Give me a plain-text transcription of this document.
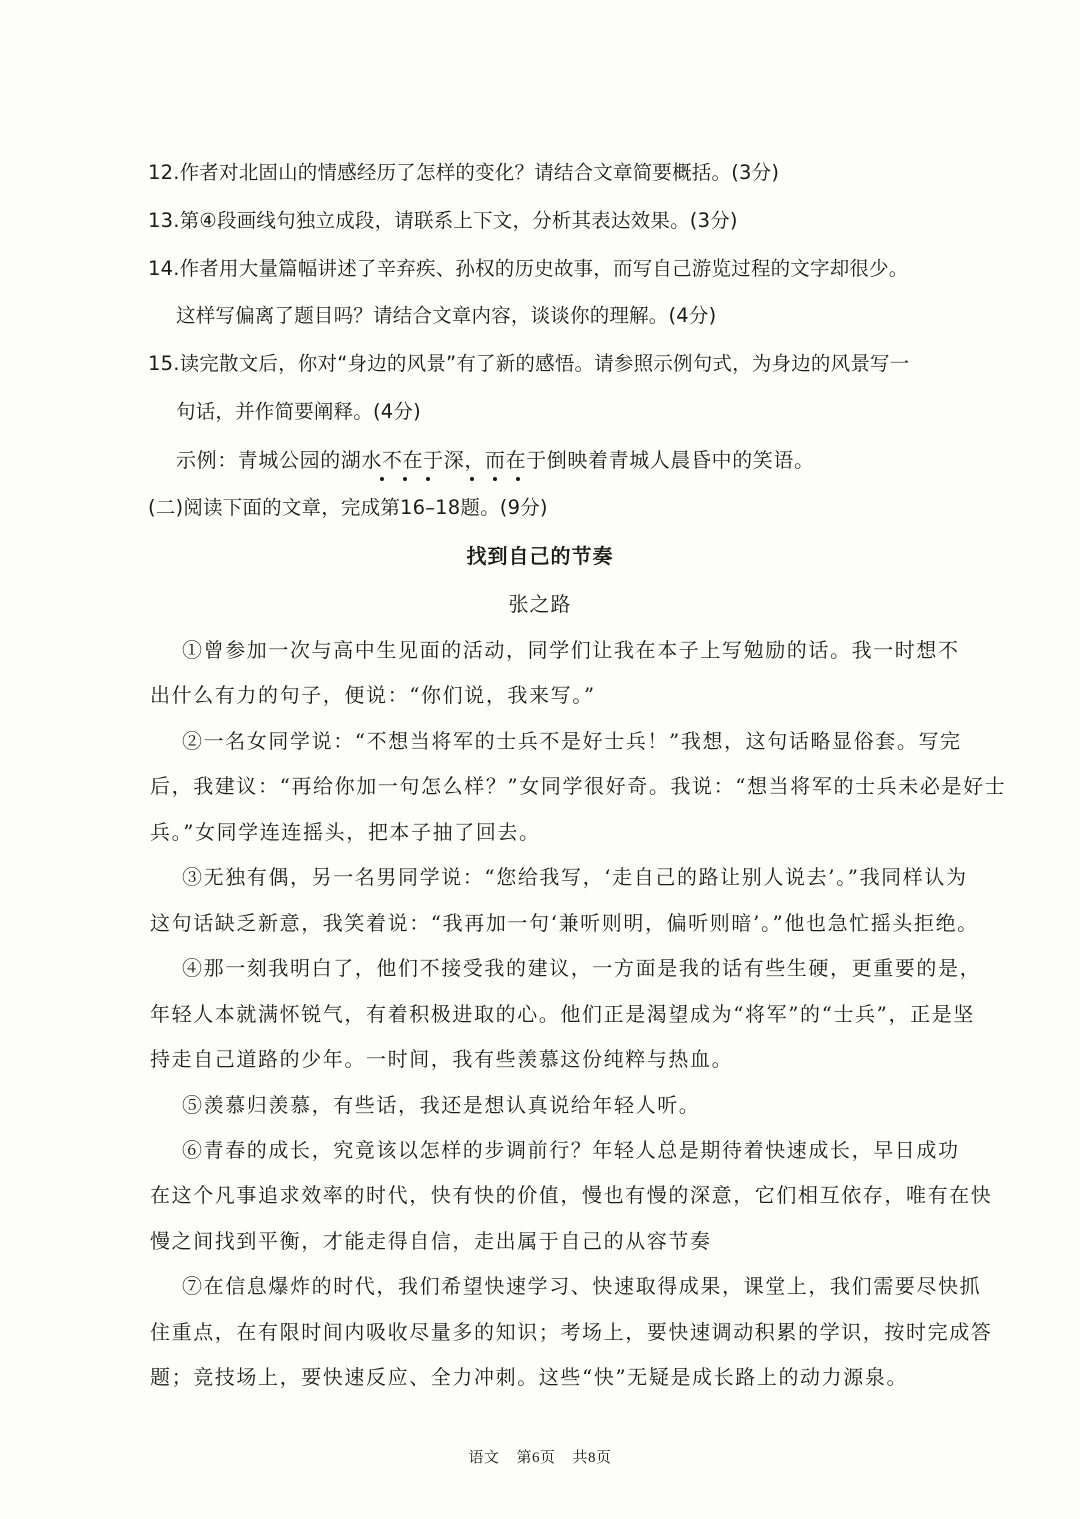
12.作者对北固山的情感经历了怎样的变化？请结合文章简要概括。(3分)

13.第④段画线句独立成段，请联系上下文，分析其表达效果。(3分)

14.作者用大量篇幅讲述了辛弃疾、孙权的历史故事，而写自己游览过程的文字却很少。

这样写偏离了题目吗？请结合文章内容，谈谈你的理解。(4分)

15.读完散文后，你对“身边的风景”有了新的感悟。请参照示例句式，为身边的风景写一

句话，并作简要阐释。(4分)

示例：青城公园的湖水不在于深，而在于倒映着青城人晨昏中的笑语。

(二)阅读下面的文章，完成第16–18题。(9分)

找到自己的节奏

张之路

①曾参加一次与高中生见面的活动，同学们让我在本子上写勉励的话。我一时想不

出什么有力的句子，便说：“你们说，我来写。”

②一名女同学说：“不想当将军的士兵不是好士兵！”我想，这句话略显俗套。写完

后，我建议：“再给你加一句怎么样？”女同学很好奇。我说：“想当将军的士兵未必是好士

兵。”女同学连连摇头，把本子抽了回去。

③无独有偶，另一名男同学说：“您给我写，‘走自己的路让别人说去’。”我同样认为

这句话缺乏新意，我笑着说：“我再加一句‘兼听则明，偏听则暗’。”他也急忙摇头拒绝。

④那一刻我明白了，他们不接受我的建议，一方面是我的话有些生硬，更重要的是，

年轻人本就满怀锐气，有着积极进取的心。他们正是渴望成为“将军”的“士兵”，正是坚

持走自己道路的少年。一时间，我有些羡慕这份纯粹与热血。

⑤羡慕归羡慕，有些话，我还是想认真说给年轻人听。

⑥青春的成长，究竟该以怎样的步调前行？年轻人总是期待着快速成长，早日成功

在这个凡事追求效率的时代，快有快的价值，慢也有慢的深意，它们相互依存，唯有在快

慢之间找到平衡，才能走得自信，走出属于自己的从容节奏

⑦在信息爆炸的时代，我们希望快速学习、快速取得成果，课堂上，我们需要尽快抓

住重点，在有限时间内吸收尽量多的知识；考场上，要快速调动积累的学识，按时完成答

题；竞技场上，要快速反应、全力冲刺。这些“快”无疑是成长路上的动力源泉。

语文    第6页    共8页
